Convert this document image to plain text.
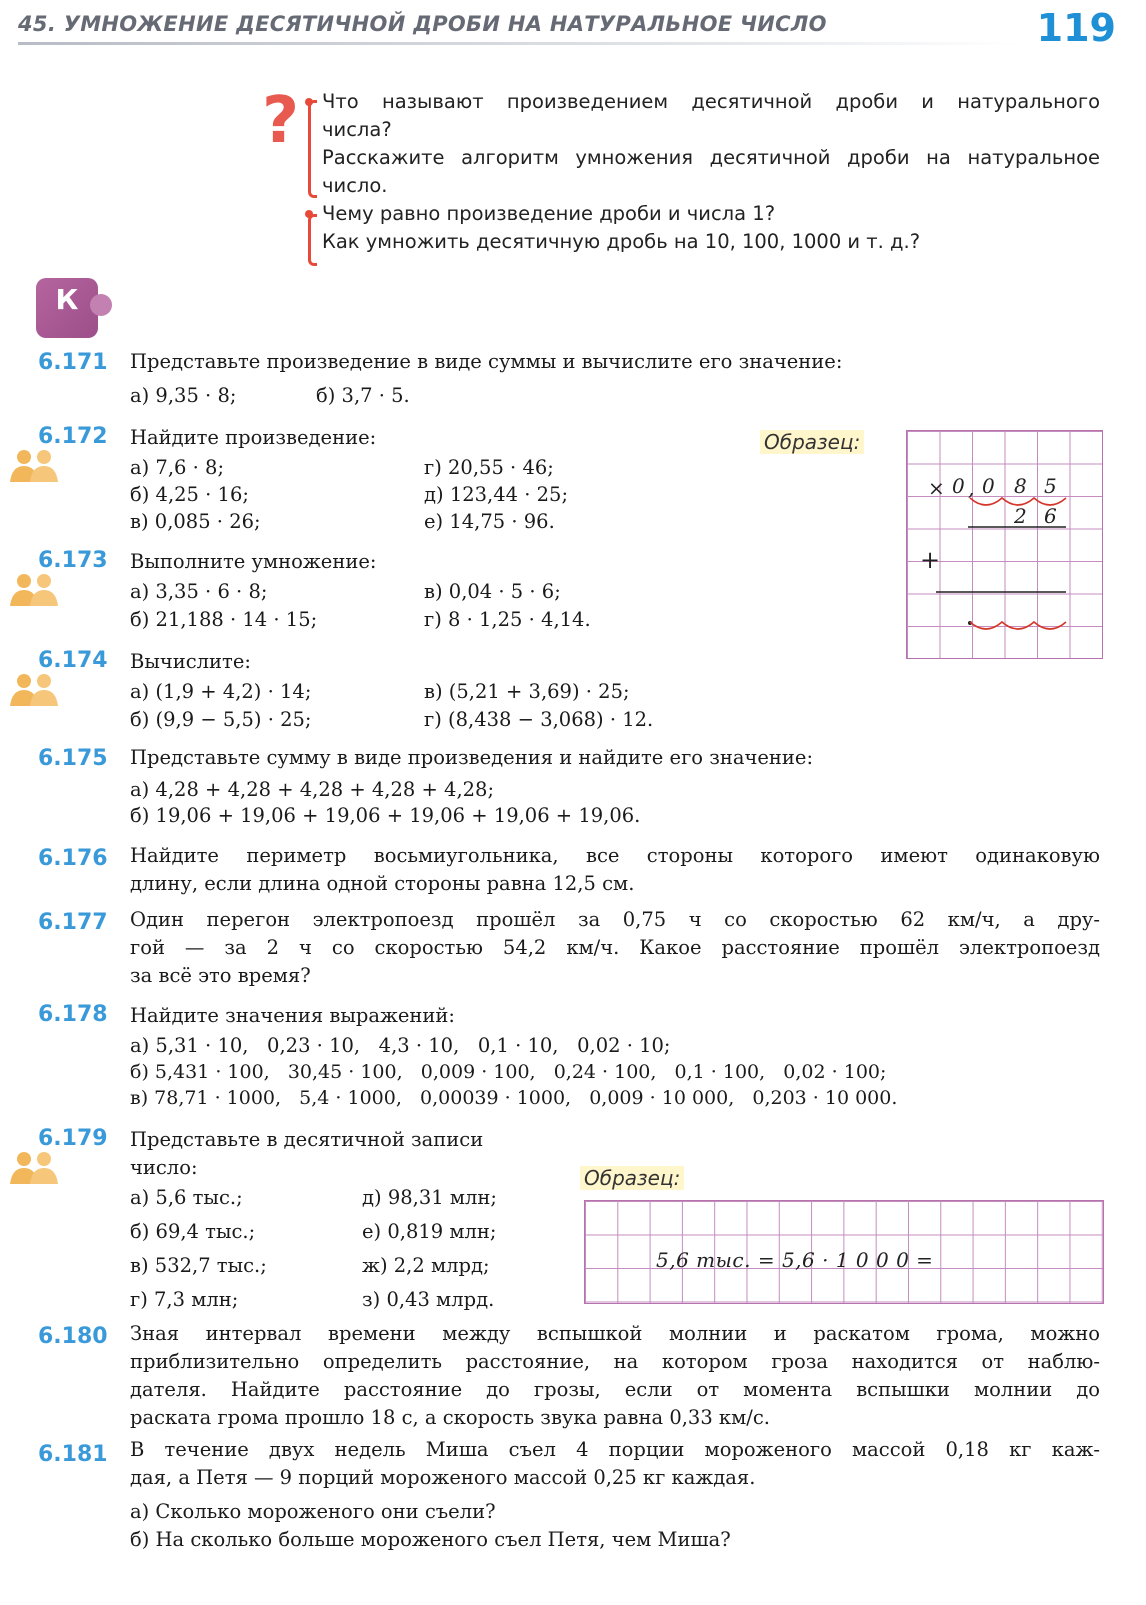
45. УМНОЖЕНИЕ ДЕСЯТИЧНОЙ ДРОБИ НА НАТУРАЛЬНОЕ ЧИСЛО	119
? Что называют произведением десятичной дроби и натурального
числа?
Расскажите алгоритм умножения десятичной дроби на натуральное
число.
Чему равно произведение дроби и числа 1?
Как умножить десятичную дробь на 10, 100, 1000 и т. д.?
К
6.171 Представьте произведение в виде суммы и вычислите его значение:
а) 9,35 · 8;	б) 3,7 · 5.
6.172 Найдите произведение:
а) 7,6 · 8;
б) 4,25 · 16;
в) 0,085 · 26;
г) 20,55 · 46;
д) 123,44 · 25;
е) 14,75 · 96.
Образец:
× 0 , 0 8 5
2 6
+
6.173 Выполните умножение:
а) 3,35 · 6 · 8;
б) 21,188 · 14 · 15;
в) 0,04 · 5 · 6;
г) 8 · 1,25 · 4,14.
6.174 Вычислите:
а) (1,9 + 4,2) · 14;
б) (9,9 − 5,5) · 25;
в) (5,21 + 3,69) · 25;
г) (8,438 − 3,068) · 12.
6.175 Представьте сумму в виде произведения и найдите его значение:
а) 4,28 + 4,28 + 4,28 + 4,28 + 4,28;
б) 19,06 + 19,06 + 19,06 + 19,06 + 19,06 + 19,06.
6.176 Найдите периметр восьмиугольника, все стороны которого имеют одинаковую
длину, если длина одной стороны равна 12,5 см.
6.177 Один перегон электропоезд прошёл за 0,75 ч со скоростью 62 км/ч, а дру-
гой — за 2 ч со скоростью 54,2 км/ч. Какое расстояние прошёл электропоезд
за всё это время?
6.178 Найдите значения выражений:
а) 5,31 · 10,   0,23 · 10,   4,3 · 10,   0,1 · 10,   0,02 · 10;
б) 5,431 · 100,   30,45 · 100,   0,009 · 100,   0,24 · 100,   0,1 · 100,   0,02 · 100;
в) 78,71 · 1000,   5,4 · 1000,   0,00039 · 1000,   0,009 · 10 000,   0,203 · 10 000.
6.179 Представьте в десятичной записи
число:
а) 5,6 тыс.;
б) 69,4 тыс.;
в) 532,7 тыс.;
г) 7,3 млн;
д) 98,31 млн;
е) 0,819 млн;
ж) 2,2 млрд;
з) 0,43 млрд.
Образец:
5,6 тыс. = 5,6 · 1 0 0 0 =
6.180 Зная интервал времени между вспышкой молнии и раскатом грома, можно
приблизительно определить расстояние, на котором гроза находится от наблю-
дателя. Найдите расстояние до грозы, если от момента вспышки молнии до
раската грома прошло 18 с, а скорость звука равна 0,33 км/с.
6.181 В течение двух недель Миша съел 4 порции мороженого массой 0,18 кг каж-
дая, а Петя — 9 порций мороженого массой 0,25 кг каждая.
а) Сколько мороженого они съели?
б) На сколько больше мороженого съел Петя, чем Миша?
